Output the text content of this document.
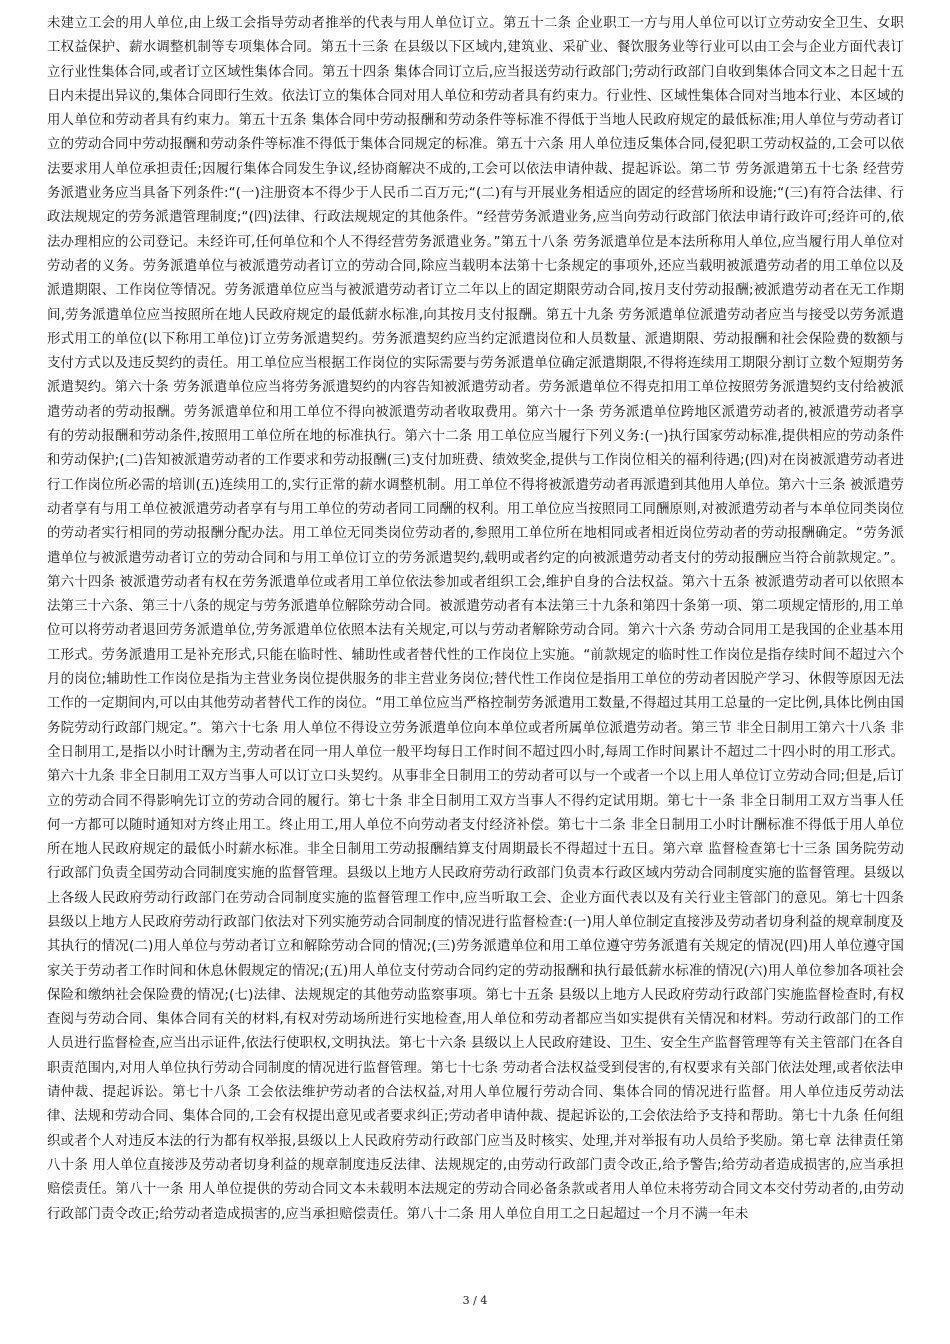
未建立工会的用人单位,由上级工会指导劳动者推举的代表与用人单位订立。第五十二条 企业职工一方与用人单位可以订立劳动安全卫生、女职工权益保护、薪水调整机制等专项集体合同。第五十三条 在县级以下区域内,建筑业、采矿业、餐饮服务业等行业可以由工会与企业方面代表订立行业性集体合同,或者订立区域性集体合同。第五十四条 集体合同订立后,应当报送劳动行政部门;劳动行政部门自收到集体合同文本之日起十五日内未提出异议的,集体合同即行生效。依法订立的集体合同对用人单位和劳动者具有约束力。行业性、区域性集体合同对当地本行业、本区域的用人单位和劳动者具有约束力。第五十五条 集体合同中劳动报酬和劳动条件等标准不得低于当地人民政府规定的最低标准;用人单位与劳动者订立的劳动合同中劳动报酬和劳动条件等标准不得低于集体合同规定的标准。第五十六条 用人单位违反集体合同,侵犯职工劳动权益的,工会可以依法要求用人单位承担责任;因履行集体合同发生争议,经协商解决不成的,工会可以依法申请仲裁、提起诉讼。第二节 劳务派遣第五十七条 经营劳务派遣业务应当具备下列条件:“(一)注册资本不得少于人民币二百万元;“(二)有与开展业务相适应的固定的经营场所和设施;“(三)有符合法律、行政法规规定的劳务派遣管理制度;“(四)法律、行政法规规定的其他条件。“经营劳务派遣业务,应当向劳动行政部门依法申请行政许可;经许可的,依法办理相应的公司登记。未经许可,任何单位和个人不得经营劳务派遣业务。”第五十八条 劳务派遣单位是本法所称用人单位,应当履行用人单位对劳动者的义务。劳务派遣单位与被派遣劳动者订立的劳动合同,除应当载明本法第十七条规定的事项外,还应当载明被派遣劳动者的用工单位以及派遣期限、工作岗位等情况。劳务派遣单位应当与被派遣劳动者订立二年以上的固定期限劳动合同,按月支付劳动报酬;被派遣劳动者在无工作期间,劳务派遣单位应当按照所在地人民政府规定的最低薪水标准,向其按月支付报酬。第五十九条 劳务派遣单位派遣劳动者应当与接受以劳务派遣形式用工的单位(以下称用工单位)订立劳务派遣契约。劳务派遣契约应当约定派遣岗位和人员数量、派遣期限、劳动报酬和社会保险费的数额与支付方式以及违反契约的责任。用工单位应当根据工作岗位的实际需要与劳务派遣单位确定派遣期限,不得将连续用工期限分割订立数个短期劳务派遣契约。第六十条 劳务派遣单位应当将劳务派遣契约的内容告知被派遣劳动者。劳务派遣单位不得克扣用工单位按照劳务派遣契约支付给被派遣劳动者的劳动报酬。劳务派遣单位和用工单位不得向被派遣劳动者收取费用。第六十一条 劳务派遣单位跨地区派遣劳动者的,被派遣劳动者享有的劳动报酬和劳动条件,按照用工单位所在地的标准执行。第六十二条 用工单位应当履行下列义务:(一)执行国家劳动标准,提供相应的劳动条件和劳动保护;(二)告知被派遣劳动者的工作要求和劳动报酬(三)支付加班费、绩效奖金,提供与工作岗位相关的福利待遇;(四)对在岗被派遣劳动者进行工作岗位所必需的培训(五)连续用工的,实行正常的薪水调整机制。用工单位不得将被派遣劳动者再派遣到其他用人单位。第六十三条 被派遣劳动者享有与用工单位被派遣劳动者享有与用工单位的劳动者同工同酬的权利。用工单位应当按照同工同酬原则,对被派遣劳动者与本单位同类岗位的劳动者实行相同的劳动报酬分配办法。用工单位无同类岗位劳动者的,参照用工单位所在地相同或者相近岗位劳动者的劳动报酬确定。“劳务派遣单位与被派遣劳动者订立的劳动合同和与用工单位订立的劳务派遣契约,载明或者约定的向被派遣劳动者支付的劳动报酬应当符合前款规定。”。第六十四条 被派遣劳动者有权在劳务派遣单位或者用工单位依法参加或者组织工会,维护自身的合法权益。第六十五条 被派遣劳动者可以依照本法第三十六条、第三十八条的规定与劳务派遣单位解除劳动合同。被派遣劳动者有本法第三十九条和第四十条第一项、第二项规定情形的,用工单位可以将劳动者退回劳务派遣单位,劳务派遣单位依照本法有关规定,可以与劳动者解除劳动合同。第六十六条 劳动合同用工是我国的企业基本用工形式。劳务派遣用工是补充形式,只能在临时性、辅助性或者替代性的工作岗位上实施。“前款规定的临时性工作岗位是指存续时间不超过六个月的岗位;辅助性工作岗位是指为主营业务岗位提供服务的非主营业务岗位;替代性工作岗位是指用工单位的劳动者因脱产学习、休假等原因无法工作的一定期间内,可以由其他劳动者替代工作的岗位。“用工单位应当严格控制劳务派遣用工数量,不得超过其用工总量的一定比例,具体比例由国务院劳动行政部门规定。”。第六十七条 用人单位不得设立劳务派遣单位向本单位或者所属单位派遣劳动者。第三节 非全日制用工第六十八条 非全日制用工,是指以小时计酬为主,劳动者在同一用人单位一般平均每日工作时间不超过四小时,每周工作时间累计不超过二十四小时的用工形式。第六十九条 非全日制用工双方当事人可以订立口头契约。从事非全日制用工的劳动者可以与一个或者一个以上用人单位订立劳动合同;但是,后订立的劳动合同不得影响先订立的劳动合同的履行。第七十条 非全日制用工双方当事人不得约定试用期。第七十一条 非全日制用工双方当事人任何一方都可以随时通知对方终止用工。终止用工,用人单位不向劳动者支付经济补偿。第七十二条 非全日制用工小时计酬标准不得低于用人单位所在地人民政府规定的最低小时薪水标准。非全日制用工劳动报酬结算支付周期最长不得超过十五日。第六章 监督检查第七十三条 国务院劳动行政部门负责全国劳动合同制度实施的监督管理。县级以上地方人民政府劳动行政部门负责本行政区域内劳动合同制度实施的监督管理。县级以上各级人民政府劳动行政部门在劳动合同制度实施的监督管理工作中,应当听取工会、企业方面代表以及有关行业主管部门的意见。第七十四条 县级以上地方人民政府劳动行政部门依法对下列实施劳动合同制度的情况进行监督检查:(一)用人单位制定直接涉及劳动者切身利益的规章制度及其执行的情况(二)用人单位与劳动者订立和解除劳动合同的情况;(三)劳务派遣单位和用工单位遵守劳务派遣有关规定的情况(四)用人单位遵守国家关于劳动者工作时间和休息休假规定的情况;(五)用人单位支付劳动合同约定的劳动报酬和执行最低薪水标准的情况(六)用人单位参加各项社会保险和缴纳社会保险费的情况;(七)法律、法规规定的其他劳动监察事项。第七十五条 县级以上地方人民政府劳动行政部门实施监督检查时,有权查阅与劳动合同、集体合同有关的材料,有权对劳动场所进行实地检查,用人单位和劳动者都应当如实提供有关情况和材料。劳动行政部门的工作人员进行监督检查,应当出示证件,依法行使职权,文明执法。第七十六条 县级以上人民政府建设、卫生、安全生产监督管理等有关主管部门在各自职责范围内,对用人单位执行劳动合同制度的情况进行监督管理。第七十七条 劳动者合法权益受到侵害的,有权要求有关部门依法处理,或者依法申请仲裁、提起诉讼。第七十八条 工会依法维护劳动者的合法权益,对用人单位履行劳动合同、集体合同的情况进行监督。用人单位违反劳动法律、法规和劳动合同、集体合同的,工会有权提出意见或者要求纠正;劳动者申请仲裁、提起诉讼的,工会依法给予支持和帮助。第七十九条 任何组织或者个人对违反本法的行为都有权举报,县级以上人民政府劳动行政部门应当及时核实、处理,并对举报有功人员给予奖励。第七章 法律责任第八十条 用人单位直接涉及劳动者切身利益的规章制度违反法律、法规规定的,由劳动行政部门责令改正,给予警告;给劳动者造成损害的,应当承担赔偿责任。第八十一条 用人单位提供的劳动合同文本未载明本法规定的劳动合同必备条款或者用人单位未将劳动合同文本交付劳动者的,由劳动行政部门责令改正;给劳动者造成损害的,应当承担赔偿责任。第八十二条 用人单位自用工之日起超过一个月不满一年未

3 / 4
